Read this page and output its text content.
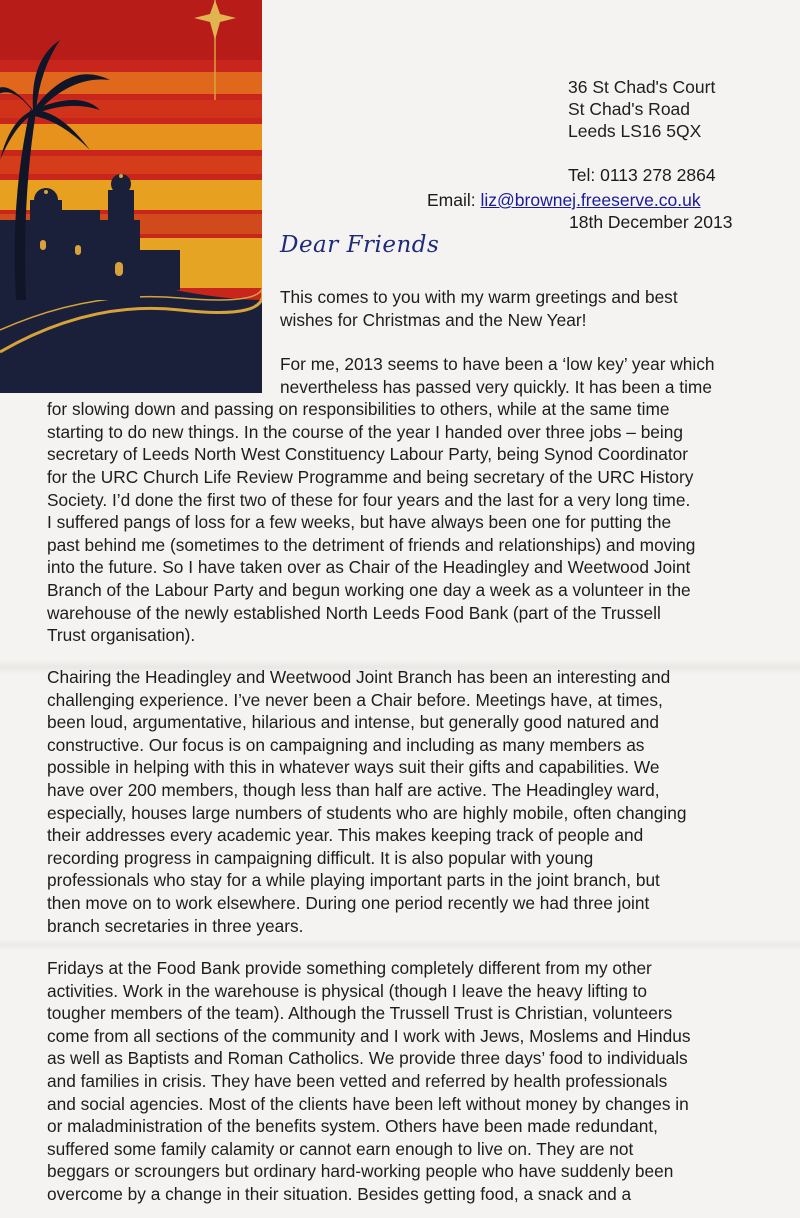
36 St Chad's Court
St Chad's Road
Leeds LS16 5QX
Tel: 0113 278 2864
Email: liz@brownej.freeserve.co.uk
18th December 2013
Dear Friends
This comes to you with my warm greetings and best
wishes for Christmas and the New Year!
For me, 2013 seems to have been a ‘low key’ year which
nevertheless has passed very quickly. It has been a time
for slowing down and passing on responsibilities to others, while at the same time
starting to do new things. In the course of the year I handed over three jobs – being
secretary of Leeds North West Constituency Labour Party, being Synod Coordinator
for the URC Church Life Review Programme and being secretary of the URC History
Society. I’d done the first two of these for four years and the last for a very long time.
I suffered pangs of loss for a few weeks, but have always been one for putting the
past behind me (sometimes to the detriment of friends and relationships) and moving
into the future. So I have taken over as Chair of the Headingley and Weetwood Joint
Branch of the Labour Party and begun working one day a week as a volunteer in the
warehouse of the newly established North Leeds Food Bank (part of the Trussell
Trust organisation).
Chairing the Headingley and Weetwood Joint Branch has been an interesting and
challenging experience. I’ve never been a Chair before. Meetings have, at times,
been loud, argumentative, hilarious and intense, but generally good natured and
constructive. Our focus is on campaigning and including as many members as
possible in helping with this in whatever ways suit their gifts and capabilities. We
have over 200 members, though less than half are active. The Headingley ward,
especially, houses large numbers of students who are highly mobile, often changing
their addresses every academic year. This makes keeping track of people and
recording progress in campaigning difficult. It is also popular with young
professionals who stay for a while playing important parts in the joint branch, but
then move on to work elsewhere. During one period recently we had three joint
branch secretaries in three years.
Fridays at the Food Bank provide something completely different from my other
activities. Work in the warehouse is physical (though I leave the heavy lifting to
tougher members of the team). Although the Trussell Trust is Christian, volunteers
come from all sections of the community and I work with Jews, Moslems and Hindus
as well as Baptists and Roman Catholics. We provide three days’ food to individuals
and families in crisis. They have been vetted and referred by health professionals
and social agencies. Most of the clients have been left without money by changes in
or maladministration of the benefits system. Others have been made redundant,
suffered some family calamity or cannot earn enough to live on. They are not
beggars or scroungers but ordinary hard-working people who have suddenly been
overcome by a change in their situation. Besides getting food, a snack and a
